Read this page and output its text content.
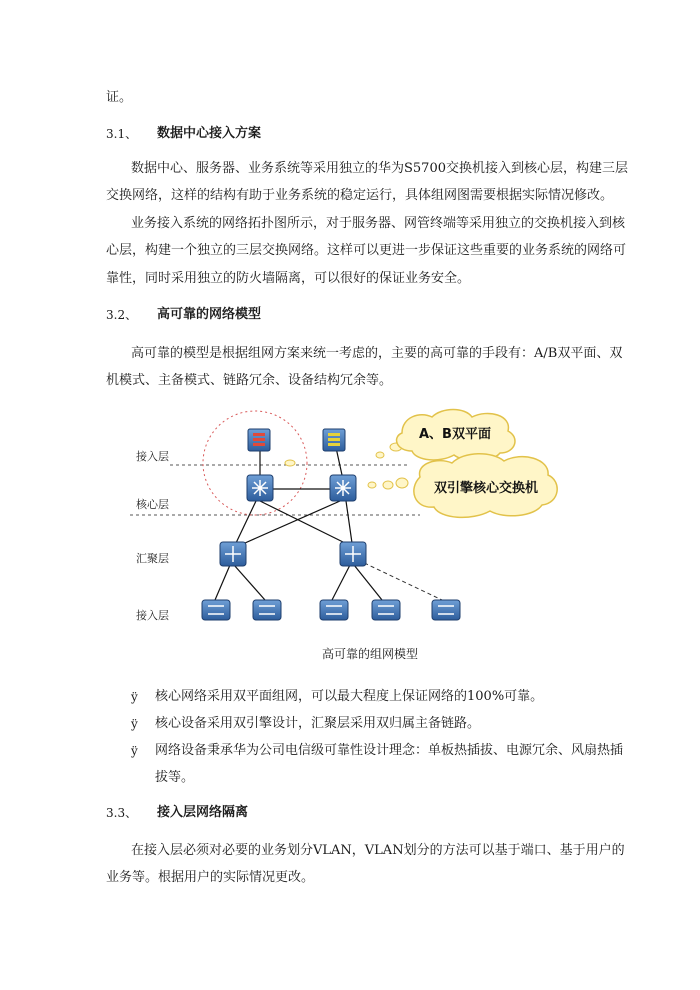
证。
3.1、 数据中心接入方案
数据中心、服务器、业务系统等采用独立的华为S5700交换机接入到核心层，构建三层
交换网络，这样的结构有助于业务系统的稳定运行，具体组网图需要根据实际情况修改。
业务接入系统的网络拓扑图所示，对于服务器、网管终端等采用独立的交换机接入到核
心层，构建一个独立的三层交换网络。这样可以更进一步保证这些重要的业务系统的网络可
靠性，同时采用独立的防火墙隔离，可以很好的保证业务安全。
3.2、 高可靠的网络模型
高可靠的模型是根据组网方案来统一考虑的，主要的高可靠的手段有：A/B双平面、双
机模式、主备模式、链路冗余、设备结构冗余等。
接入层
核心层
汇聚层
接入层
A、B双平面
双引擎核心交换机
高可靠的组网模型
ÿ 核心网络采用双平面组网，可以最大程度上保证网络的100%可靠。
ÿ 核心设备采用双引擎设计，汇聚层采用双归属主备链路。
ÿ 网络设备秉承华为公司电信级可靠性设计理念：单板热插拔、电源冗余、风扇热插
拔等。
3.3、 接入层网络隔离
在接入层必须对必要的业务划分VLAN，VLAN划分的方法可以基于端口、基于用户的
业务等。根据用户的实际情况更改。
